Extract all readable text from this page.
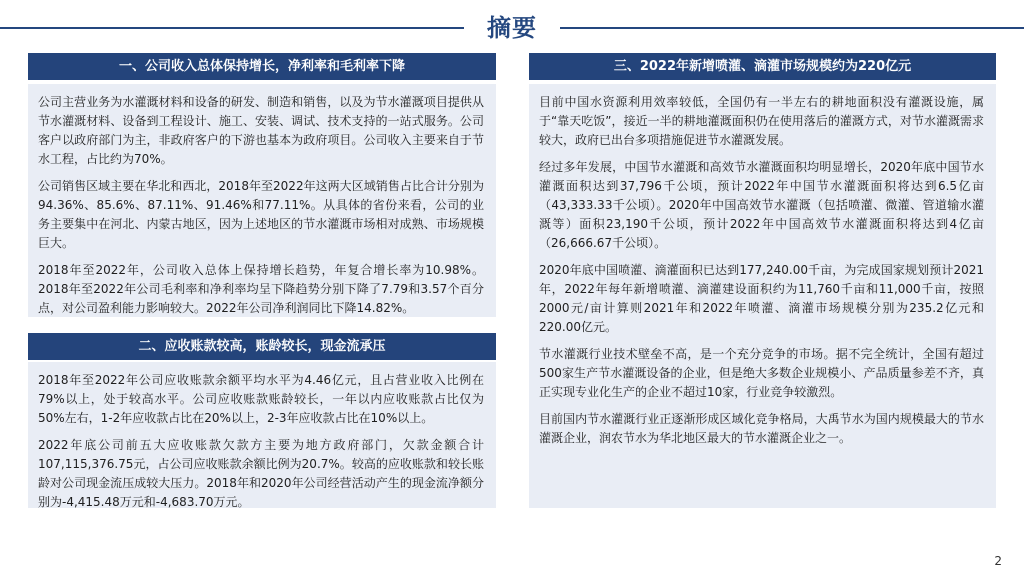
摘要
一、公司收入总体保持增长，净利率和毛利率下降

公司主营业务为水灌溉材料和设备的研发、制造和销售，以及为节水灌溉项目提供从节水灌溉材料、设备到工程设计、施工、安装、调试、技术支持的一站式服务。公司客户以政府部门为主，非政府客户的下游也基本为政府项目。公司收入主要来自于节水工程，占比约为70%。

公司销售区域主要在华北和西北，2018年至2022年这两大区域销售占比合计分别为94.36%、85.6%、87.11%、91.46%和77.11%。从具体的省份来看，公司的业务主要集中在河北、内蒙古地区，因为上述地区的节水灌溉市场相对成熟、市场规模巨大。

2018年至2022年，公司收入总体上保持增长趋势，年复合增长率为10.98%。2018年至2022年公司毛利率和净利率均呈下降趋势分别下降了7.79和3.57个百分点，对公司盈利能力影响较大。2022年公司净利润同比下降14.82%。

二、应收账款较高，账龄较长，现金流承压

2018年至2022年公司应收账款余额平均水平为4.46亿元，且占营业收入比例在79%以上，处于较高水平。公司应收账款账龄较长，一年以内应收账款占比仅为50%左右，1-2年应收款占比在20%以上，2-3年应收款占比在10%以上。

2022年底公司前五大应收账款欠款方主要为地方政府部门，欠款金额合计107,115,376.75元，占公司应收账款余额比例为20.7%。较高的应收账款和较长账龄对公司现金流压成较大压力。2018年和2020年公司经营活动产生的现金流净额分别为-4,415.48万元和-4,683.70万元。

三、2022年新增喷灌、滴灌市场规模约为220亿元

目前中国水资源利用效率较低，全国仍有一半左右的耕地面积没有灌溉设施，属于“靠天吃饭”，接近一半的耕地灌溉面积仍在使用落后的灌溉方式，对节水灌溉需求较大，政府已出台多项措施促进节水灌溉发展。

经过多年发展，中国节水灌溉和高效节水灌溉面积均明显增长，2020年底中国节水灌溉面积达到37,796千公顷，预计2022年中国节水灌溉面积将达到6.5亿亩（43,333.33千公顷）。2020年中国高效节水灌溉（包括喷灌、微灌、管道输水灌溉等）面积23,190千公顷，预计2022年中国高效节水灌溉面积将达到4亿亩（26,666.67千公顷）。

2020年底中国喷灌、滴灌面积已达到177,240.00千亩，为完成国家规划预计2021年，2022年每年新增喷灌、滴灌建设面积约为11,760千亩和11,000千亩，按照2000元/亩计算则2021年和2022年喷灌、滴灌市场规模分别为235.2亿元和220.00亿元。

节水灌溉行业技术壁垒不高，是一个充分竞争的市场。据不完全统计，全国有超过500家生产节水灌溉设备的企业，但是绝大多数企业规模小、产品质量参差不齐，真正实现专业化生产的企业不超过10家，行业竞争较激烈。

目前国内节水灌溉行业正逐渐形成区域化竞争格局，大禹节水为国内规模最大的节水灌溉企业，润农节水为华北地区最大的节水灌溉企业之一。

2
